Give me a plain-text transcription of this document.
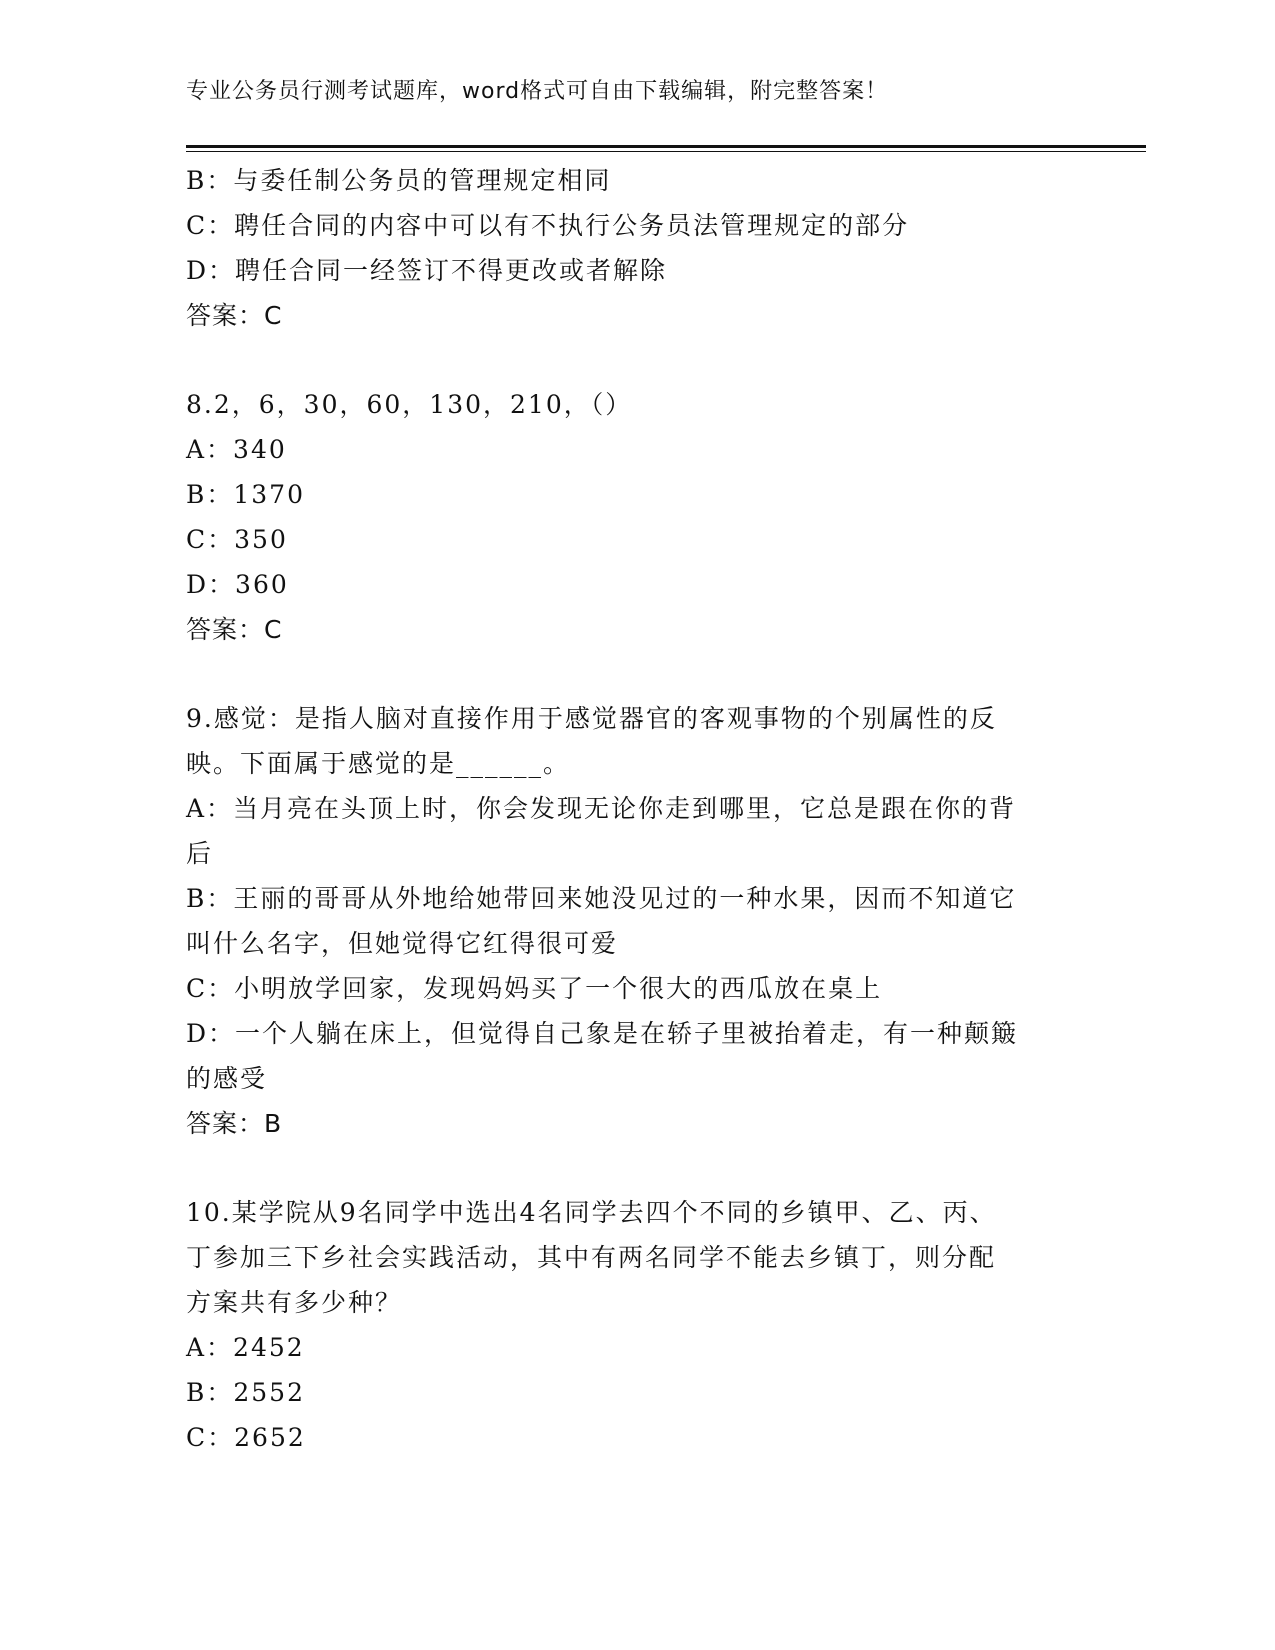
专业公务员行测考试题库，word格式可自由下载编辑，附完整答案！
B：与委任制公务员的管理规定相同
C：聘任合同的内容中可以有不执行公务员法管理规定的部分
D：聘任合同一经签订不得更改或者解除
答案：C
8.2，6，30，60，130，210，（）
A：340
B：1370
C：350
D：360
答案：C
9.感觉：是指人脑对直接作用于感觉器官的客观事物的个别属性的反
映。下面属于感觉的是______。
A：当月亮在头顶上时，你会发现无论你走到哪里，它总是跟在你的背
后
B：王丽的哥哥从外地给她带回来她没见过的一种水果，因而不知道它
叫什么名字，但她觉得它红得很可爱
C：小明放学回家，发现妈妈买了一个很大的西瓜放在桌上
D：一个人躺在床上，但觉得自己象是在轿子里被抬着走，有一种颠簸
的感受
答案：B
10.某学院从9名同学中选出4名同学去四个不同的乡镇甲、乙、丙、
丁参加三下乡社会实践活动，其中有两名同学不能去乡镇丁，则分配
方案共有多少种？
A：2452
B：2552
C：2652
